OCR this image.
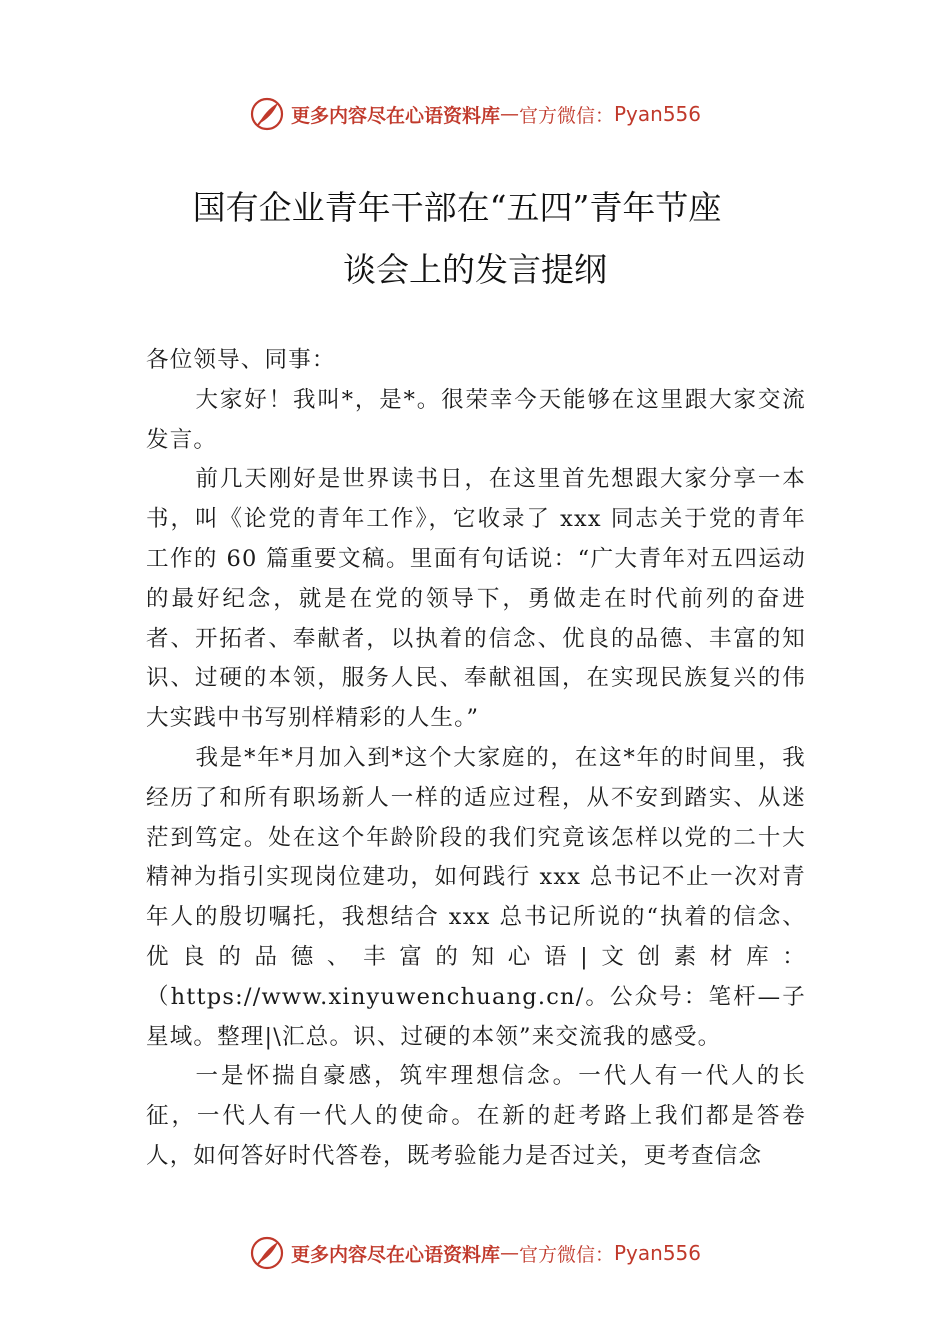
更多内容尽在心语资料库 — 官方微信： Pyan556
国有企业青年干部在“五四”青年节座
谈会上的发言提纲

各位领导、同事：

大家好！我叫*，是*。很荣幸今天能够在这里跟大家交流发言。

前几天刚好是世界读书日，在这里首先想跟大家分享一本书，叫《论党的青年工作》，它收录了 xxx 同志关于党的青年工作的 60 篇重要文稿。里面有句话说：“广大青年对五四运动的最好纪念，就是在党的领导下，勇做走在时代前列的奋进者、开拓者、奉献者，以执着的信念、优良的品德、丰富的知识、过硬的本领，服务人民、奉献祖国，在实现民族复兴的伟大实践中书写别样精彩的人生。”

我是*年*月加入到*这个大家庭的，在这*年的时间里，我经历了和所有职场新人一样的适应过程，从不安到踏实、从迷茫到笃定。处在这个年龄阶段的我们究竟该怎样以党的二十大精神为指引实现岗位建功，如何践行 xxx 总书记不止一次对青年人的殷切嘱托，我想结合 xxx 总书记所说的“执着的信念、优良的品德、丰富的知心语|文创素材库：（https://www.xinyuwenchuang.cn/。公众号：笔杆—子星域。整理|\汇总。识、过硬的本领”来交流我的感受。

一是怀揣自豪感，筑牢理想信念。一代人有一代人的长征，一代人有一代人的使命。在新的赶考路上我们都是答卷人，如何答好时代答卷，既考验能力是否过关，更考查信念

更多内容尽在心语资料库 — 官方微信： Pyan556
